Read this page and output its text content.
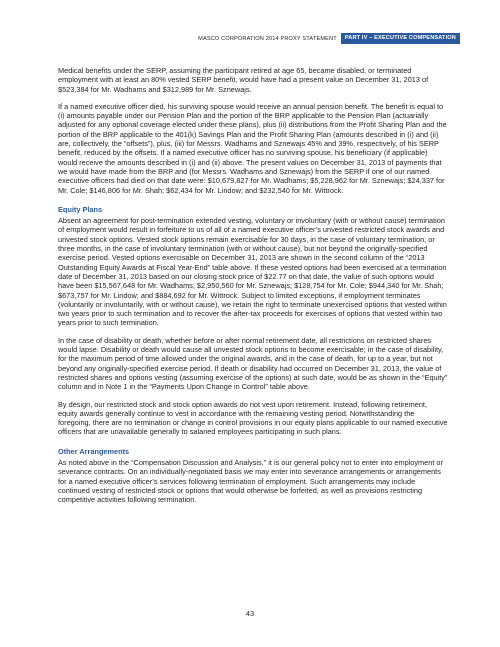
MASCO CORPORATION 2014 PROXY STATEMENT	PART IV – EXECUTIVE COMPENSATION

Medical benefits under the SERP, assuming the participant retired at age 65, became disabled, or terminated employment with at least an 80% vested SERP benefit, would have had a present value on December 31, 2013 of $523,384 for Mr. Wadhams and $312,989 for Mr. Sznewajs.

If a named executive officer died, his surviving spouse would receive an annual pension benefit. The benefit is equal to (i) amounts payable under our Pension Plan and the portion of the BRP applicable to the Pension Plan (actuarially adjusted for any optional coverage elected under these plans), plus (ii) distributions from the Profit Sharing Plan and the portion of the BRP applicable to the 401(k) Savings Plan and the Profit Sharing Plan (amounts described in (i) and (ii) are, collectively, the “offsets”), plus, (iii) for Messrs. Wadhams and Sznewajs 45% and 39%, respectively, of his SERP benefit, reduced by the offsets. If a named executive officer has no surviving spouse, his beneficiary (if applicable) would receive the amounts described in (i) and (ii) above. The present values on December 31, 2013 of payments that we would have made from the BRP and (for Messrs. Wadhams and Sznewajs) from the SERP if one of our named executive officers had died on that date were: $10,679,827 for Mr. Wadhams; $5,228,962 for Mr. Sznewajs; $24,337 for Mr. Cole; $146,806 for Mr. Shah; $62,434 for Mr. Lindow; and $232,540 for Mr. Wittrock.

Equity Plans

Absent an agreement for post-termination extended vesting, voluntary or involuntary (with or without cause) termination of employment would result in forfeiture to us of all of a named executive officer’s unvested restricted stock awards and unvested stock options. Vested stock options remain exercisable for 30 days, in the case of voluntary termination, or three months, in the case of involuntary termination (with or without cause), but not beyond the originally-specified exercise period. Vested options exercisable on December 31, 2013 are shown in the second column of the “2013 Outstanding Equity Awards at Fiscal Year-End” table above. If these vested options had been exercised at a termination date of December 31, 2013 based on our closing stock price of $22.77 on that date, the value of such options would have been $15,567,648 for Mr. Wadhams; $2,950,560 for Mr. Sznewajs; $128,754 for Mr. Cole; $944,340 for Mr. Shah; $673,757 for Mr. Lindow; and $884,692 for Mr. Wittrock. Subject to limited exceptions, if employment terminates (voluntarily or involuntarily, with or without cause), we retain the right to terminate unexercised options that vested within two years prior to such termination and to recover the after-tax proceeds for exercises of options that vested within two years prior to such termination.

In the case of disability or death, whether before or after normal retirement date, all restrictions on restricted shares would lapse. Disability or death would cause all unvested stock options to become exercisable; in the case of disability, for the maximum period of time allowed under the original awards, and in the case of death, for up to a year, but not beyond any originally-specified exercise period. If death or disability had occurred on December 31, 2013, the value of restricted shares and options vesting (assuming exercise of the options) at such date, would be as shown in the “Equity” column and in Note 1 in the “Payments Upon Change in Control” table above.

By design, our restricted stock and stock option awards do not vest upon retirement. Instead, following retirement, equity awards generally continue to vest in accordance with the remaining vesting period. Notwithstanding the foregoing, there are no termination or change in control provisions in our equity plans applicable to our named executive officers that are unavailable generally to salaried employees participating in such plans.

Other Arrangements

As noted above in the “Compensation Discussion and Analysis,” it is our general policy not to enter into employment or severance contracts. On an individually-negotiated basis we may enter into severance arrangements or arrangements for a named executive officer’s services following termination of employment. Such arrangements may include continued vesting of restricted stock or options that would otherwise be forfeited, as well as provisions restricting competitive activities following termination.

43
